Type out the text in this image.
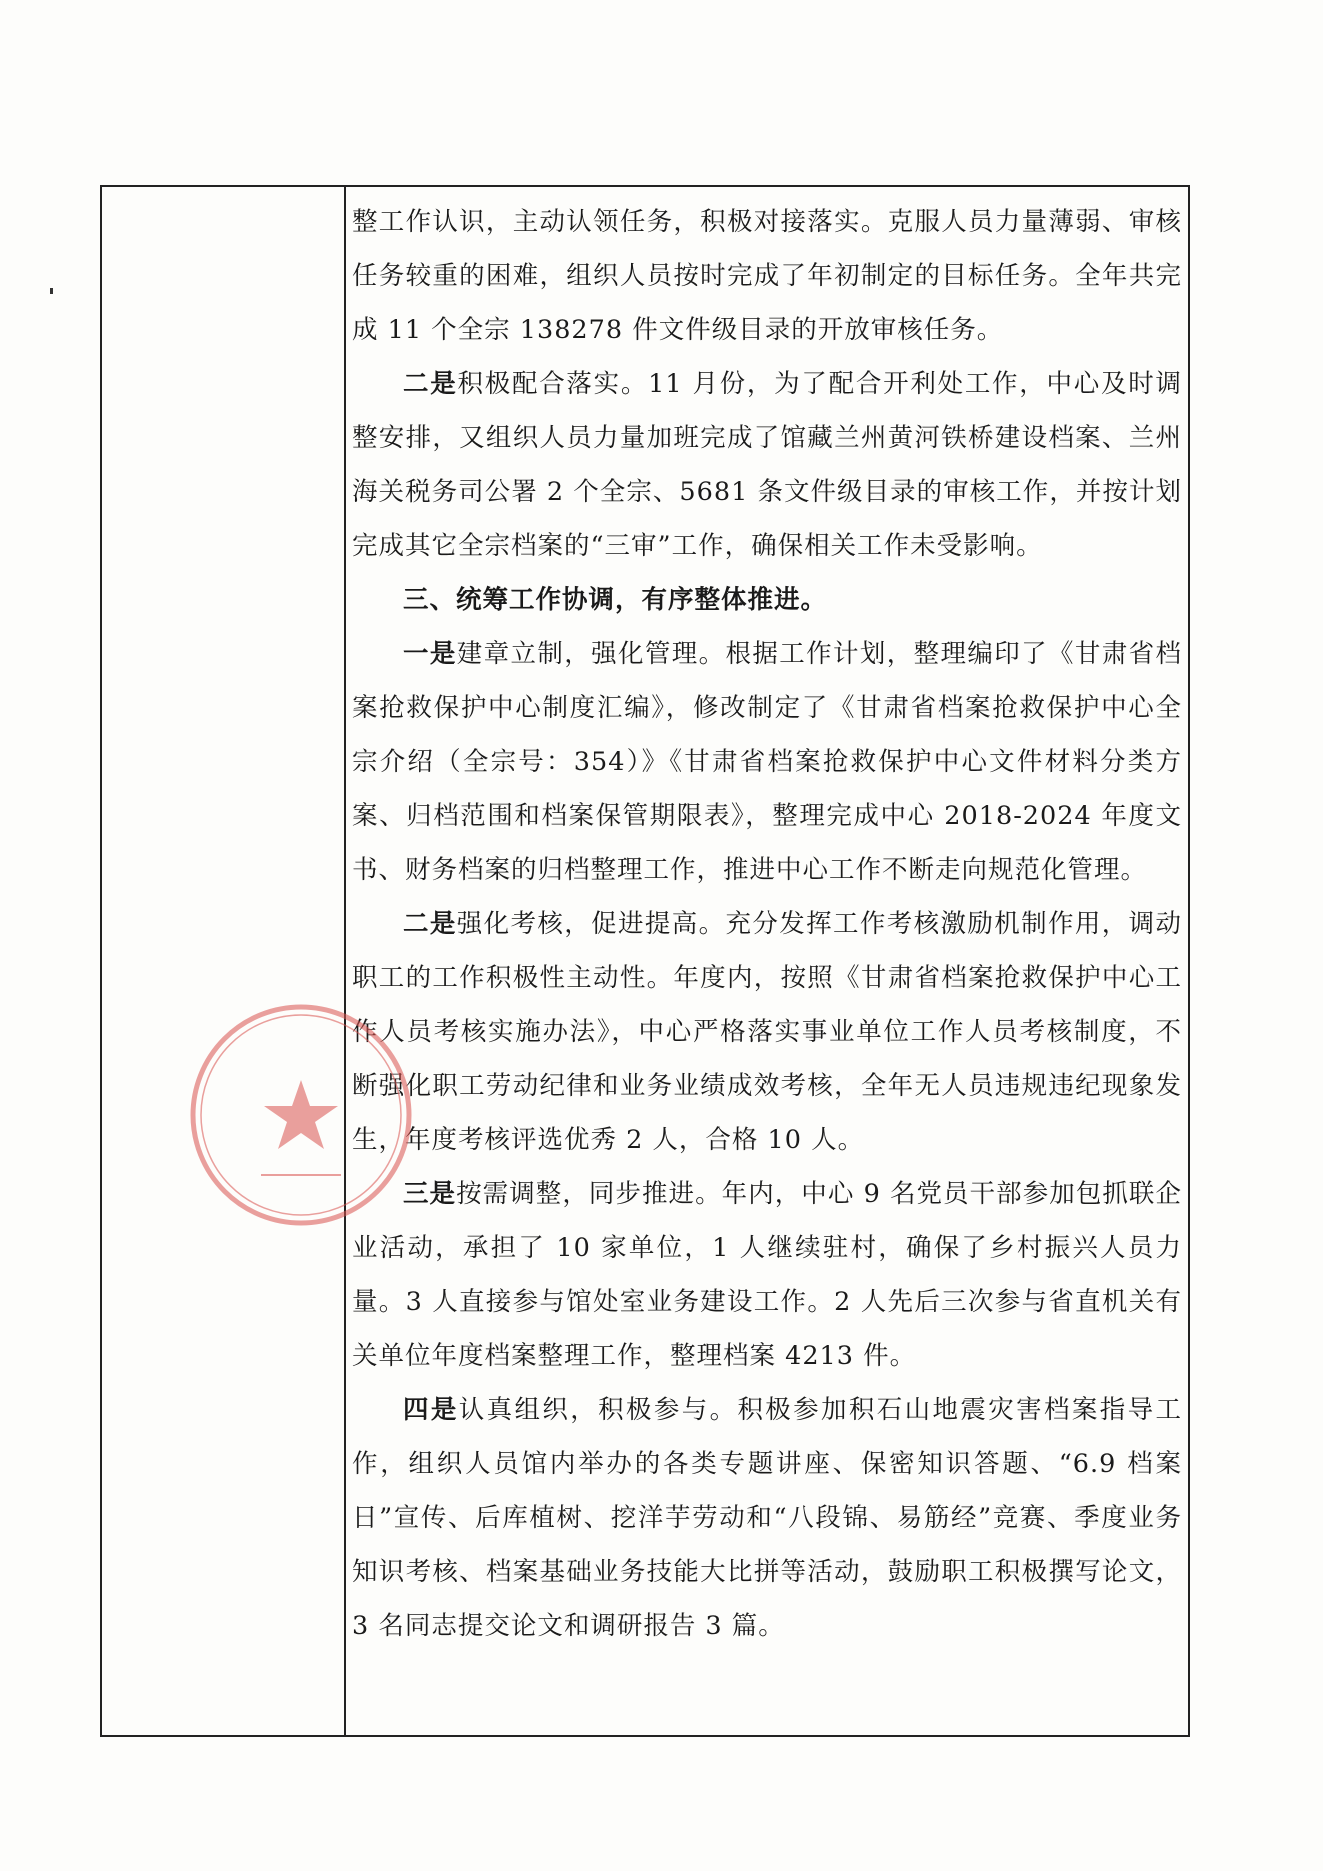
整工作认识，主动认领任务，积极对接落实。克服人员力量薄弱、审核任务较重的困难，组织人员按时完成了年初制定的目标任务。全年共完成 11 个全宗 138278 件文件级目录的开放审核任务。

二是积极配合落实。11 月份，为了配合开利处工作，中心及时调整安排，又组织人员力量加班完成了馆藏兰州黄河铁桥建设档案、兰州海关税务司公署 2 个全宗、5681 条文件级目录的审核工作，并按计划完成其它全宗档案的“三审”工作，确保相关工作未受影响。

三、统筹工作协调，有序整体推进。

一是建章立制，强化管理。根据工作计划，整理编印了《甘肃省档案抢救保护中心制度汇编》，修改制定了《甘肃省档案抢救保护中心全宗介绍（全宗号：354）》《甘肃省档案抢救保护中心文件材料分类方案、归档范围和档案保管期限表》，整理完成中心 2018-2024 年度文书、财务档案的归档整理工作，推进中心工作不断走向规范化管理。

二是强化考核，促进提高。充分发挥工作考核激励机制作用，调动职工的工作积极性主动性。年度内，按照《甘肃省档案抢救保护中心工作人员考核实施办法》，中心严格落实事业单位工作人员考核制度，不断强化职工劳动纪律和业务业绩成效考核，全年无人员违规违纪现象发生，年度考核评选优秀 2 人，合格 10 人。

三是按需调整，同步推进。年内，中心 9 名党员干部参加包抓联企业活动，承担了 10 家单位，1 人继续驻村，确保了乡村振兴人员力量。3 人直接参与馆处室业务建设工作。2 人先后三次参与省直机关有关单位年度档案整理工作，整理档案 4213 件。

四是认真组织，积极参与。积极参加积石山地震灾害档案指导工作，组织人员馆内举办的各类专题讲座、保密知识答题、“6.9 档案日”宣传、后库植树、挖洋芋劳动和“八段锦、易筋经”竞赛、季度业务知识考核、档案基础业务技能大比拼等活动，鼓励职工积极撰写论文，3 名同志提交论文和调研报告 3 篇。
